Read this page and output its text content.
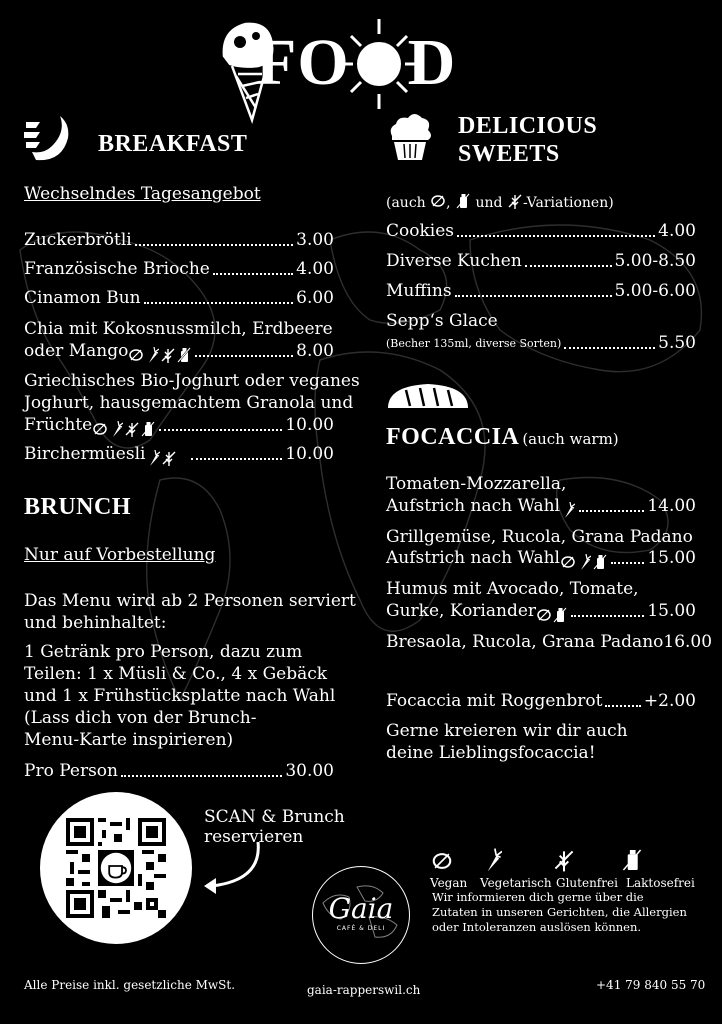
F O D
BREAKFAST
Wechselndes Tagesangebot
Zuckerbrötli	3.00
Französische Brioche	4.00
Cinamon Bun	6.00
Chia mit Kokosnussmilch, Erdbeere
oder Mango	8.00
Griechisches Bio-Joghurt oder veganes
Joghurt, hausgemachtem Granola und
Früchte	10.00
Birchermüesli	10.00
BRUNCH
Nur auf Vorbestellung
Das Menu wird ab 2 Personen serviert
und behinhaltet:
1 Getränk pro Person, dazu zum
Teilen: 1 x Müsli & Co., 4 x Gebäck
und 1 x Frühstücksplatte nach Wahl
(Lass dich von der Brunch-
Menu-Karte inspirieren)
Pro Person	30.00
SCAN & Brunch
reservieren
DELICIOUS
SWEETS
(auch ,  und -Variationen)
Cookies	4.00
Diverse Kuchen	5.00-8.50
Muffins	5.00-6.00
Sepp‘s Glace
(Becher 135ml, diverse Sorten)	5.50
FOCACCIA (auch warm)
Tomaten-Mozzarella,
Aufstrich nach Wahl	14.00
Grillgemüse, Rucola, Grana Padano
Aufstrich nach Wahl	15.00
Humus mit Avocado, Tomate,
Gurke, Koriander	15.00
Bresaola, Rucola, Grana Padano 16.00
Focaccia mit Roggenbrot +2.00
Gerne kreieren wir dir auch
deine Lieblingsfocaccia!
Gaia
CAFÉ & DELI
Vegan Vegetarisch Glutenfrei Laktosefrei
Wir informieren dich gerne über die
Zutaten in unseren Gerichten, die Allergien
oder Intoleranzen auslösen können.
Alle Preise inkl. gesetzliche MwSt.	gaia-rapperswil.ch	+41 79 840 55 70
